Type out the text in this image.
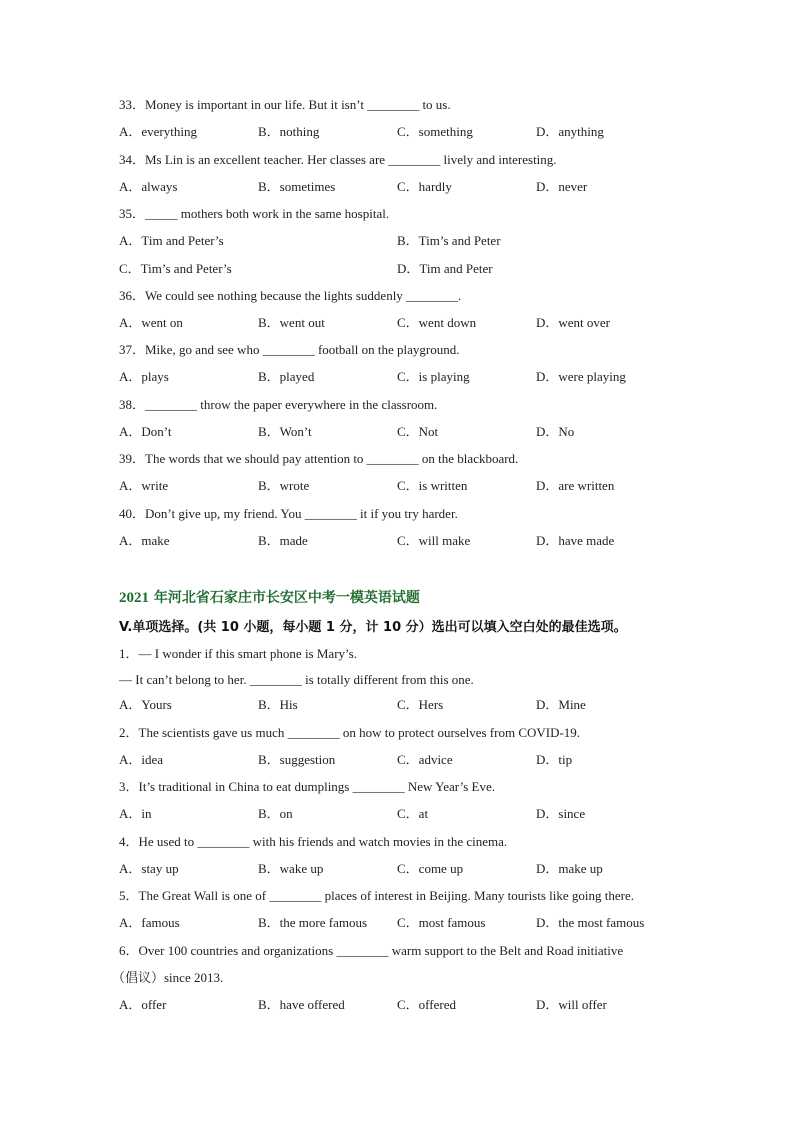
33．Money is important in our life. But it isn’t ________ to us.
A．everything	B．nothing	C．something	D．anything
34．Ms Lin is an excellent teacher. Her classes are ________ lively and interesting.
A．always	B．sometimes	C．hardly	D．never
35．_____ mothers both work in the same hospital.
A．Tim and Peter’s	B．Tim’s and Peter
C．Tim’s and Peter’s	D．Tim and Peter
36．We could see nothing because the lights suddenly ________.
A．went on	B．went out	C．went down	D．went over
37．Mike, go and see who ________ football on the playground.
A．plays	B．played	C．is playing	D．were playing
38．________ throw the paper everywhere in the classroom.
A．Don’t	B．Won’t	C．Not	D．No
39．The words that we should pay attention to ________ on the blackboard.
A．write	B．wrote	C．is written	D．are written
40．Don’t give up, my friend. You ________ it if you try harder.
A．make	B．made	C．will make	D．have made
2021 年河北省石家庄市长安区中考一模英语试题
V.单项选择。(共 10 小题，每小题 1 分，计 10 分）选出可以填入空白处的最佳选项。
1．— I wonder if this smart phone is Mary’s.
— It can’t belong to her. ________ is totally different from this one.
A．Yours	B．His	C．Hers	D．Mine
2．The scientists gave us much ________ on how to protect ourselves from COVID-19.
A．idea	B．suggestion	C．advice	D．tip
3．It’s traditional in China to eat dumplings ________ New Year’s Eve.
A．in	B．on	C．at	D．since
4．He used to ________ with his friends and watch movies in the cinema.
A．stay up	B．wake up	C．come up	D．make up
5．The Great Wall is one of ________ places of interest in Beijing. Many tourists like going there.
A．famous	B．the more famous C．most famous	D．the most famous
6．Over 100 countries and organizations ________ warm support to the Belt and Road initiative
（倡议）since 2013.
A．offer	B．have offered	C．offered	D．will offer
